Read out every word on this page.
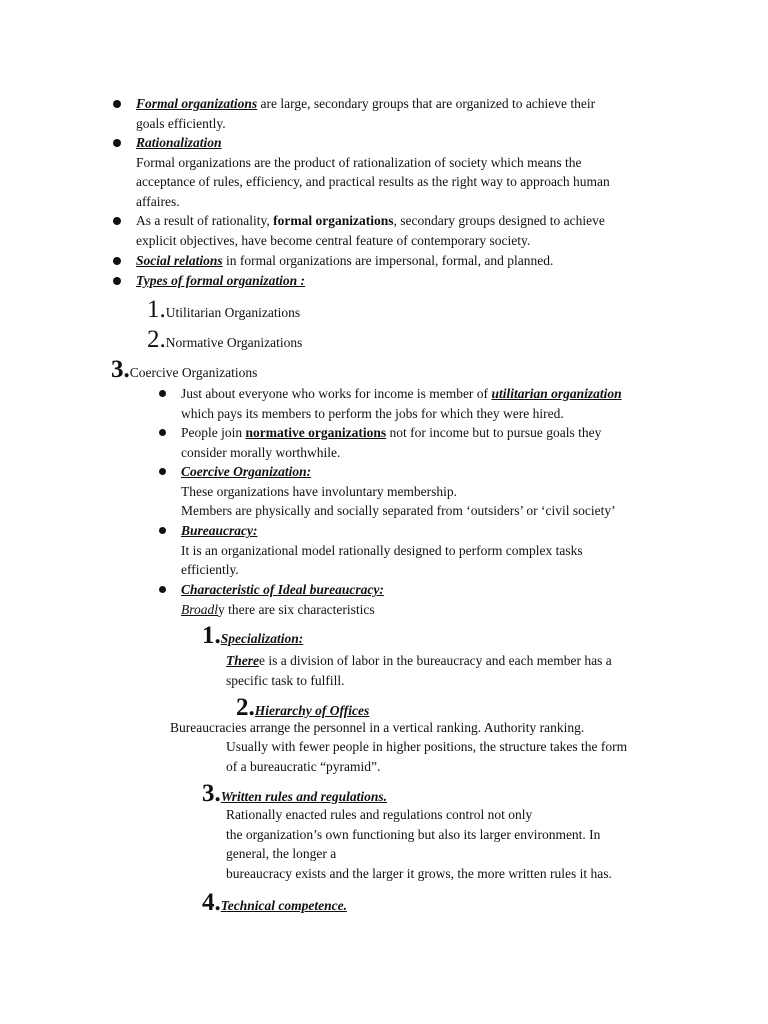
Formal organizations are large, secondary groups that are organized to achieve their
goals efficiently.
Rationalization
Formal organizations are the product of rationalization of society which means the
acceptance of rules, efficiency, and practical results as the right way to approach human
affaires.
As a result of rationality, formal organizations, secondary groups designed to achieve
explicit objectives, have become central feature of contemporary society.
Social relations in formal organizations are impersonal, formal, and planned.
Types of formal organization :
1.Utilitarian Organizations
2.Normative Organizations
3.Coercive Organizations
Just about everyone who works for income is member of utilitarian organization
which pays its members to perform the jobs for which they were hired.
People join normative organizations not for income but to pursue goals they
consider morally worthwhile.
Coercive Organization:
These organizations have involuntary membership.
Members are physically and socially separated from ‘outsiders’ or ‘civil society’
Bureaucracy:
It is an organizational model rationally designed to perform complex tasks
efficiently.
Characteristic of Ideal bureaucracy:
Broadly there are six characteristics
1.Specialization:
Theree is a division of labor in the bureaucracy and each member has a
specific task to fulfill.
2.Hierarchy of Offices
Bureaucracies arrange the personnel in a vertical ranking. Authority ranking.
Usually with fewer people in higher positions, the structure takes the form
of a bureaucratic “pyramid”.
3.Written rules and regulations.
Rationally enacted rules and regulations control not only
the organization’s own functioning but also its larger environment. In
general, the longer a
bureaucracy exists and the larger it grows, the more written rules it has.
4.Technical competence.
